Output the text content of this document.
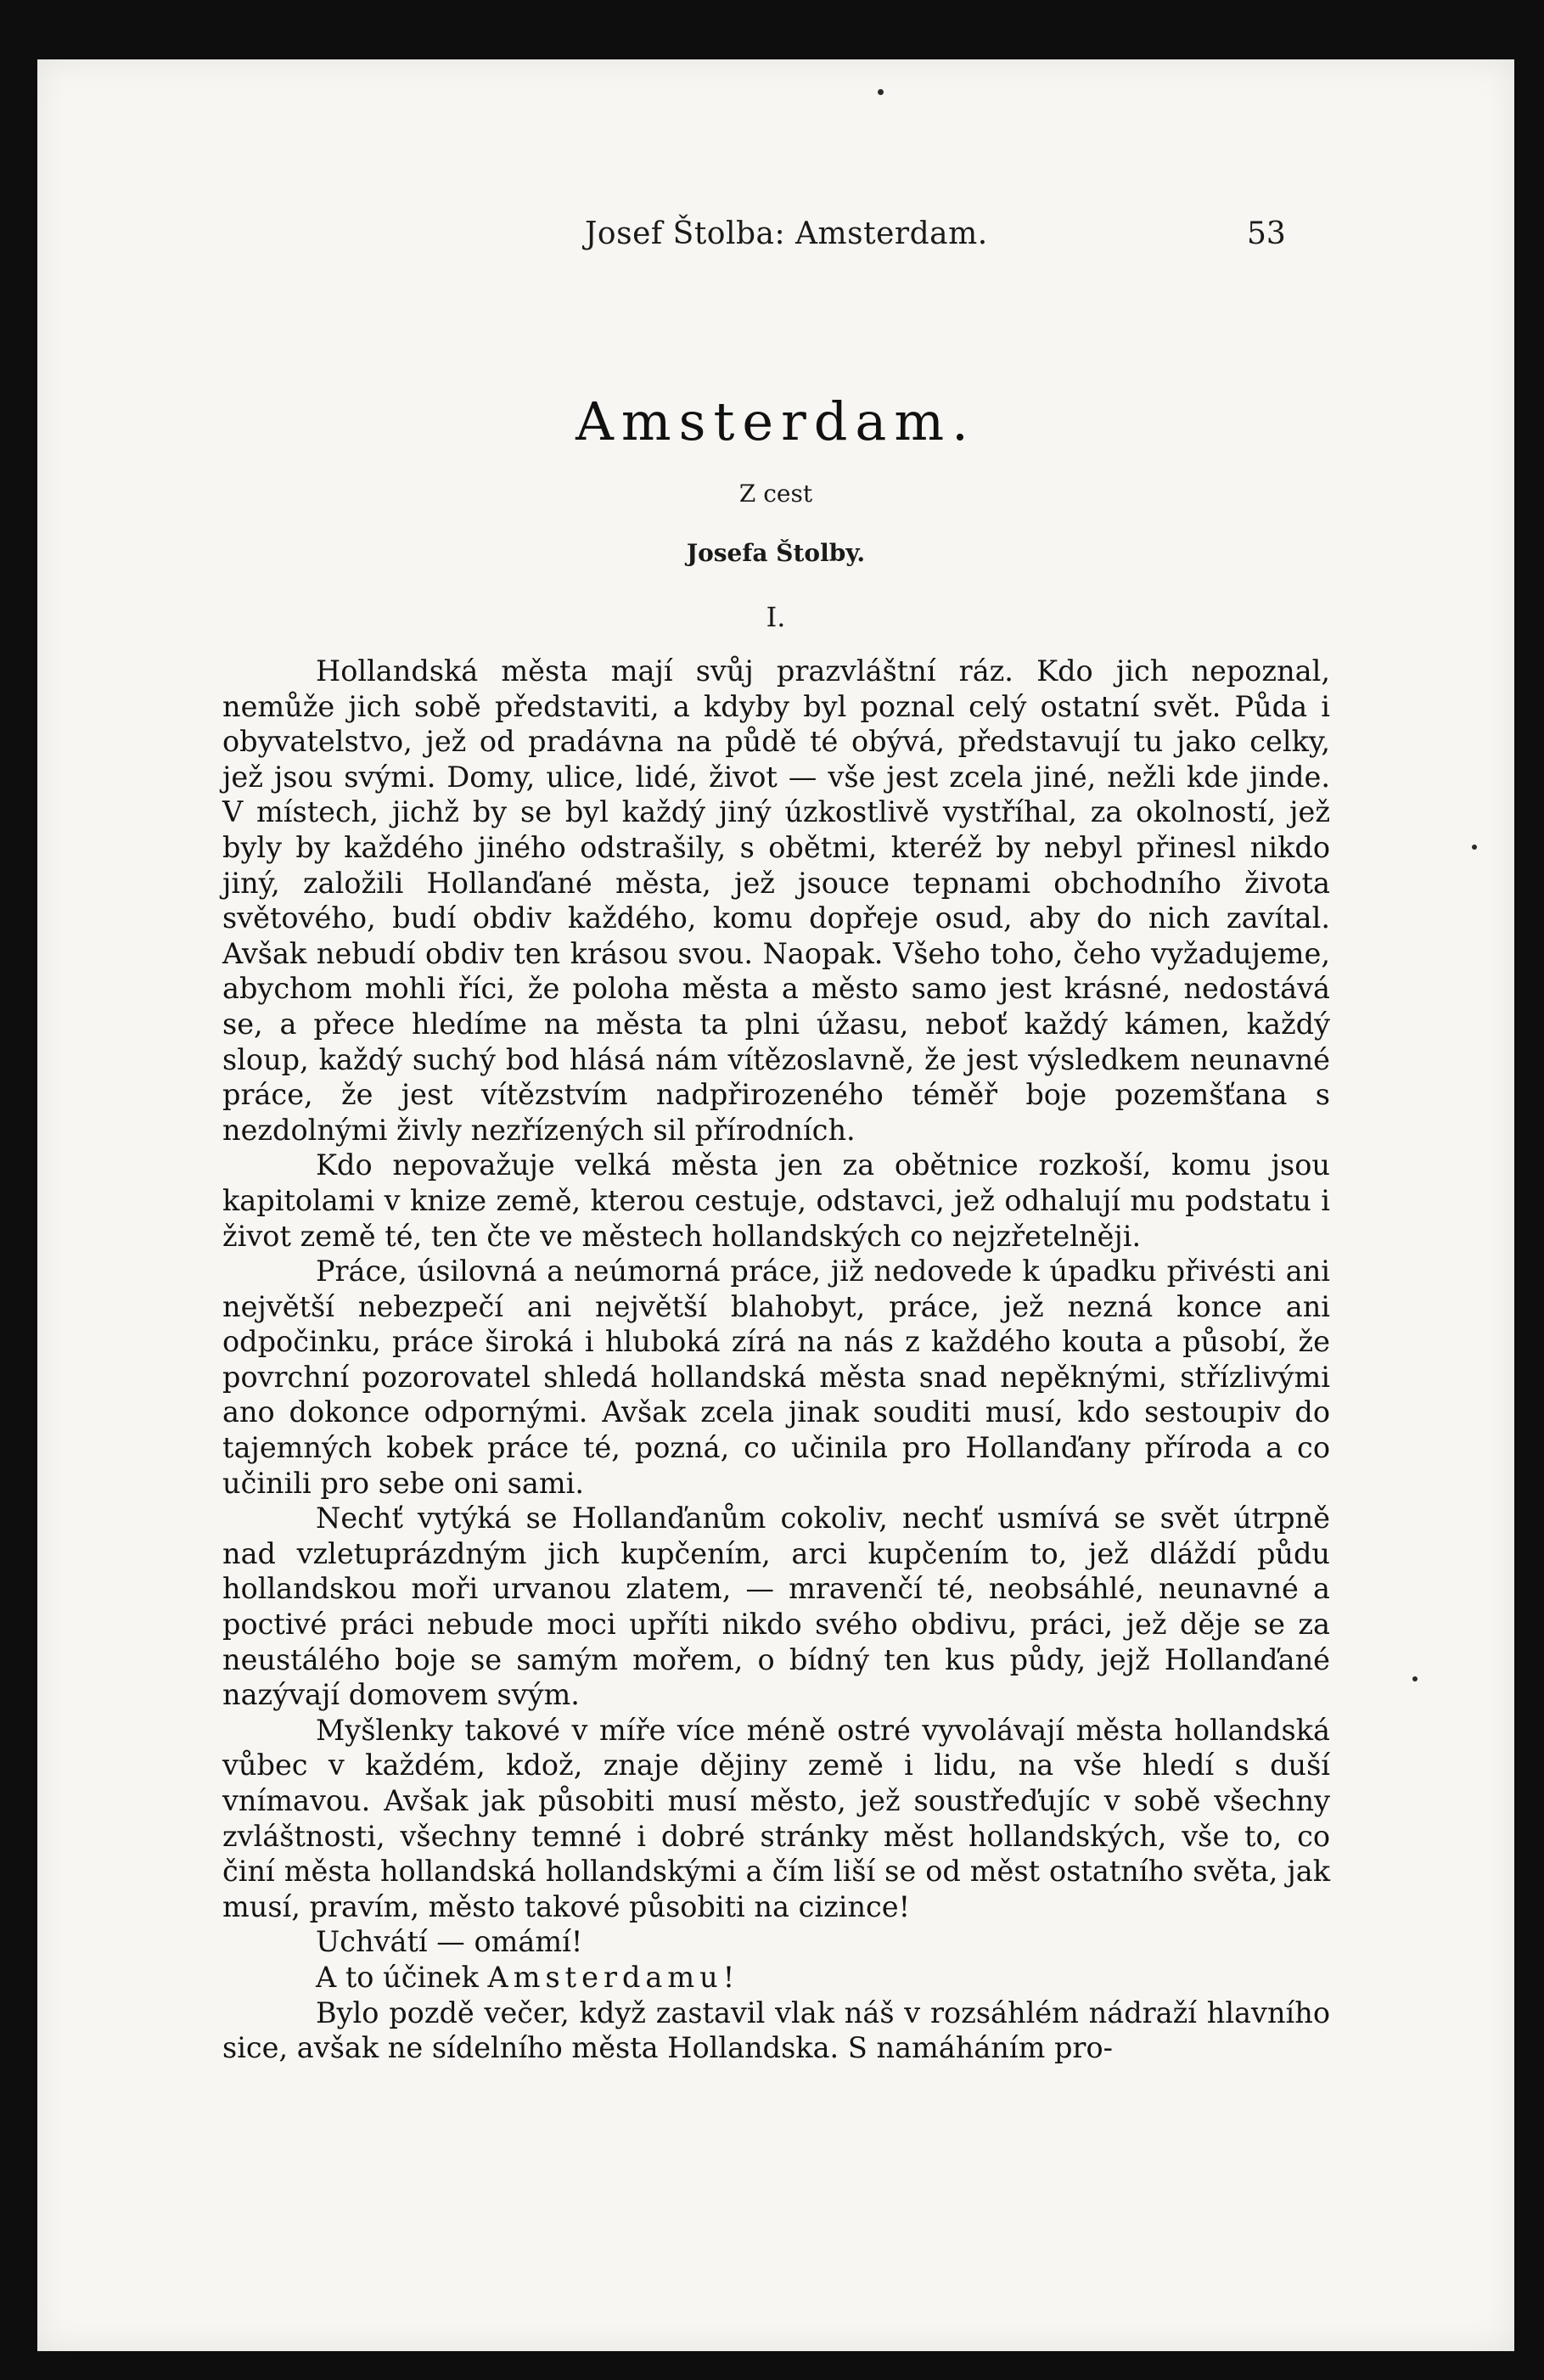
Josef Štolba: Amsterdam.	53
Amsterdam.
Z cest
Josefa Štolby.
I.

Hollandská města mají svůj prazvláštní ráz. Kdo jich nepoznal, nemůže jich sobě představiti, a kdyby byl poznal celý ostatní svět. Půda i obyvatelstvo, jež od pradávna na půdě té obývá, představují tu jako celky, jež jsou svými. Domy, ulice, lidé, život — vše jest zcela jiné, nežli kde jinde. V místech, jichž by se byl každý jiný úzkostlivě vystříhal, za okolností, jež byly by každého jiného odstrašily, s obětmi, kteréž by nebyl přinesl nikdo jiný, založili Hollanďané města, jež jsouce tepnami obchodního života světového, budí obdiv každého, komu dopřeje osud, aby do nich zavítal. Avšak nebudí obdiv ten krásou svou. Naopak. Všeho toho, čeho vyžadujeme, abychom mohli říci, že poloha města a město samo jest krásné, nedostává se, a přece hledíme na města ta plni úžasu, neboť každý kámen, každý sloup, každý suchý bod hlásá nám vítězoslavně, že jest výsledkem neunavné práce, že jest vítězstvím nadpřirozeného téměř boje pozemšťana s nezdolnými živly nezřízených sil přírodních.

Kdo nepovažuje velká města jen za obětnice rozkoší, komu jsou kapitolami v knize země, kterou cestuje, odstavci, jež odhalují mu podstatu i život země té, ten čte ve městech hollandských co nejzřetelněji.

Práce, úsilovná a neúmorná práce, již nedovede k úpadku přivésti ani největší nebezpečí ani největší blahobyt, práce, jež nezná konce ani odpočinku, práce široká i hluboká zírá na nás z každého kouta a působí, že povrchní pozorovatel shledá hollandská města snad nepěknými, střízlivými ano dokonce odpornými. Avšak zcela jinak souditi musí, kdo sestoupiv do tajemných kobek práce té, pozná, co učinila pro Hollanďany příroda a co učinili pro sebe oni sami.

Nechť vytýká se Hollanďanům cokoliv, nechť usmívá se svět útrpně nad vzletuprázdným jich kupčením, arci kupčením to, jež dláždí půdu hollandskou moři urvanou zlatem, — mravenčí té, neobsáhlé, neunavné a poctivé práci nebude moci upříti nikdo svého obdivu, práci, jež děje se za neustálého boje se samým mořem, o bídný ten kus půdy, jejž Hollanďané nazývají domovem svým.

Myšlenky takové v míře více méně ostré vyvolávají města hollandská vůbec v každém, kdož, znaje dějiny země i lidu, na vše hledí s duší vnímavou. Avšak jak působiti musí město, jež soustřeďujíc v sobě všechny zvláštnosti, všechny temné i dobré stránky měst hollandských, vše to, co činí města hollandská hollandskými a čím liší se od měst ostatního světa, jak musí, pravím, město takové působiti na cizince!

Uchvátí — omámí!

A to účinek Amsterdamu!

Bylo pozdě večer, když zastavil vlak náš v rozsáhlém nádraží hlavního sice, avšak ne sídelního města Hollandska. S namáháním pro-
